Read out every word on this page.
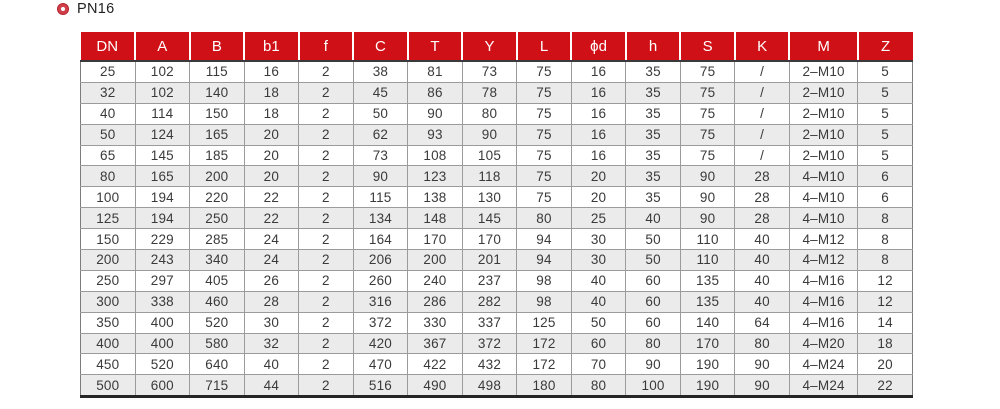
PN16
DN	A	B	b1	f	C	T	Y	L	ϕd	h	S	K	M	Z
25	102	115	16	2	38	81	73	75	16	35	75	/	2–M10	5
32	102	140	18	2	45	86	78	75	16	35	75	/	2–M10	5
40	114	150	18	2	50	90	80	75	16	35	75	/	2–M10	5
50	124	165	20	2	62	93	90	75	16	35	75	/	2–M10	5
65	145	185	20	2	73	108	105	75	16	35	75	/	2–M10	5
80	165	200	20	2	90	123	118	75	20	35	90	28	4–M10	6
100	194	220	22	2	115	138	130	75	20	35	90	28	4–M10	6
125	194	250	22	2	134	148	145	80	25	40	90	28	4–M10	8
150	229	285	24	2	164	170	170	94	30	50	110	40	4–M12	8
200	243	340	24	2	206	200	201	94	30	50	110	40	4–M12	8
250	297	405	26	2	260	240	237	98	40	60	135	40	4–M16	12
300	338	460	28	2	316	286	282	98	40	60	135	40	4–M16	12
350	400	520	30	2	372	330	337	125	50	60	140	64	4–M16	14
400	400	580	32	2	420	367	372	172	60	80	170	80	4–M20	18
450	520	640	40	2	470	422	432	172	70	90	190	90	4–M24	20
500	600	715	44	2	516	490	498	180	80	100	190	90	4–M24	22
